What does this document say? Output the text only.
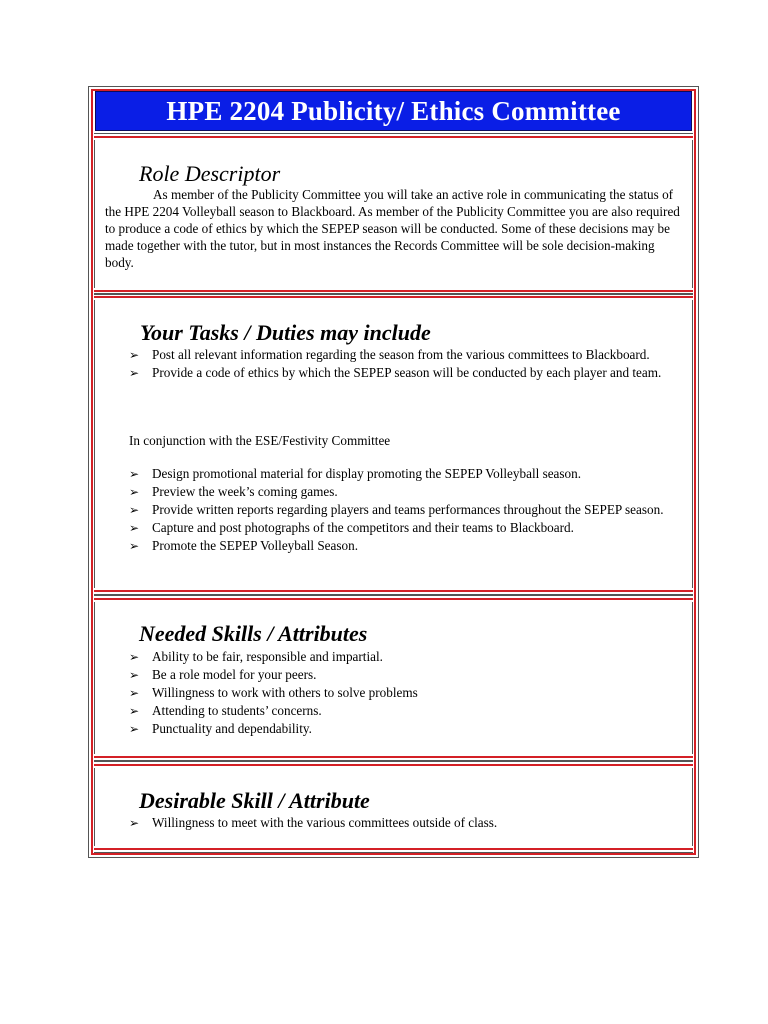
HPE 2204 Publicity/ Ethics Committee
Role Descriptor
As member of the Publicity Committee you will take an active role in communicating the status of the HPE 2204 Volleyball season to Blackboard. As member of the Publicity Committee you are also required to produce a code of ethics by which the SEPEP season will be conducted. Some of these decisions may be made together with the tutor, but in most instances the Records Committee will be sole decision-making body.
Your Tasks / Duties may include
➢ Post all relevant information regarding the season from the various committees to Blackboard.
➢ Provide a code of ethics by which the SEPEP season will be conducted by each player and team.
In conjunction with the ESE/Festivity Committee
➢ Design promotional material for display promoting the SEPEP Volleyball season.
➢ Preview the week’s coming games.
➢ Provide written reports regarding players and teams performances throughout the SEPEP season.
➢ Capture and post photographs of the competitors and their teams to Blackboard.
➢ Promote the SEPEP Volleyball Season.
Needed Skills / Attributes
➢ Ability to be fair, responsible and impartial.
➢ Be a role model for your peers.
➢ Willingness to work with others to solve problems
➢ Attending to students’ concerns.
➢ Punctuality and dependability.
Desirable Skill / Attribute
➢ Willingness to meet with the various committees outside of class.
